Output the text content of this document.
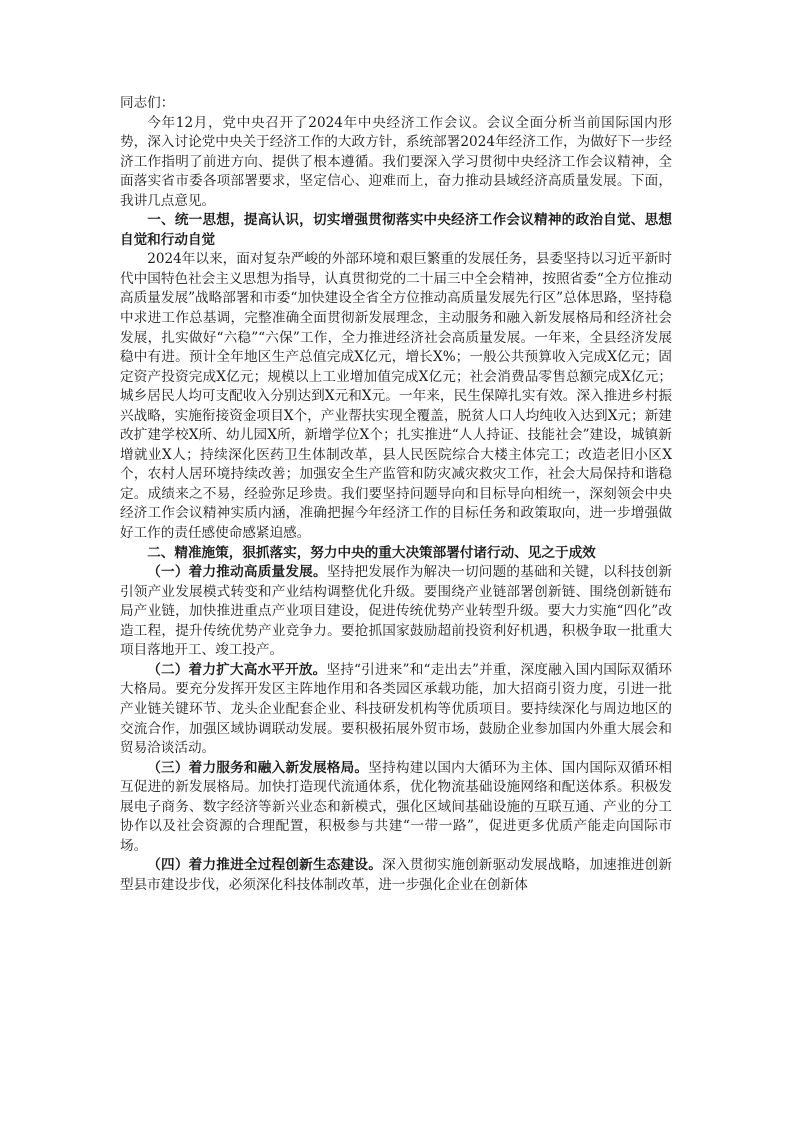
同志们：

今年12月，党中央召开了2024年中央经济工作会议。会议全面分析当前国际国内形势，深入讨论党中央关于经济工作的大政方针，系统部署2024年经济工作，为做好下一步经济工作指明了前进方向、提供了根本遵循。我们要深入学习贯彻中央经济工作会议精神，全面落实省市委各项部署要求，坚定信心、迎难而上，奋力推动县域经济高质量发展。下面，我讲几点意见。

一、统一思想，提高认识，切实增强贯彻落实中央经济工作会议精神的政治自觉、思想自觉和行动自觉

2024年以来，面对复杂严峻的外部环境和艰巨繁重的发展任务，县委坚持以习近平新时代中国特色社会主义思想为指导，认真贯彻党的二十届三中全会精神，按照省委“全方位推动高质量发展”战略部署和市委“加快建设全省全方位推动高质量发展先行区”总体思路，坚持稳中求进工作总基调，完整准确全面贯彻新发展理念，主动服务和融入新发展格局和经济社会发展，扎实做好“六稳”“六保”工作，全力推进经济社会高质量发展。一年来，全县经济发展稳中有进。预计全年地区生产总值完成X亿元，增长X%；一般公共预算收入完成X亿元；固定资产投资完成X亿元；规模以上工业增加值完成X亿元；社会消费品零售总额完成X亿元；城乡居民人均可支配收入分别达到X元和X元。一年来，民生保障扎实有效。深入推进乡村振兴战略，实施衔接资金项目X个，产业帮扶实现全覆盖，脱贫人口人均纯收入达到X元；新建改扩建学校X所、幼儿园X所，新增学位X个；扎实推进“人人持证、技能社会”建设，城镇新增就业X人；持续深化医药卫生体制改革，县人民医院综合大楼主体完工；改造老旧小区X个，农村人居环境持续改善；加强安全生产监管和防灾减灾救灾工作，社会大局保持和谐稳定。成绩来之不易，经验弥足珍贵。我们要坚持问题导向和目标导向相统一，深刻领会中央经济工作会议精神实质内涵，准确把握今年经济工作的目标任务和政策取向，进一步增强做好工作的责任感使命感紧迫感。

二、精准施策，狠抓落实，努力中央的重大决策部署付诸行动、见之于成效

（一）着力推动高质量发展。坚持把发展作为解决一切问题的基础和关键，以科技创新引领产业发展模式转变和产业结构调整优化升级。要围绕产业链部署创新链、围绕创新链布局产业链，加快推进重点产业项目建设，促进传统优势产业转型升级。要大力实施“四化”改造工程，提升传统优势产业竞争力。要抢抓国家鼓励超前投资利好机遇，积极争取一批重大项目落地开工、竣工投产。

（二）着力扩大高水平开放。坚持“引进来”和“走出去”并重，深度融入国内国际双循环大格局。要充分发挥开发区主阵地作用和各类园区承载功能，加大招商引资力度，引进一批产业链关键环节、龙头企业配套企业、科技研发机构等优质项目。要持续深化与周边地区的交流合作，加强区域协调联动发展。要积极拓展外贸市场，鼓励企业参加国内外重大展会和贸易洽谈活动。

（三）着力服务和融入新发展格局。坚持构建以国内大循环为主体、国内国际双循环相互促进的新发展格局。加快打造现代流通体系，优化物流基础设施网络和配送体系。积极发展电子商务、数字经济等新兴业态和新模式，强化区域间基础设施的互联互通、产业的分工协作以及社会资源的合理配置，积极参与共建“一带一路”，促进更多优质产能走向国际市场。

（四）着力推进全过程创新生态建设。深入贯彻实施创新驱动发展战略，加速推进创新型县市建设步伐，必须深化科技体制改革，进一步强化企业在创新体
